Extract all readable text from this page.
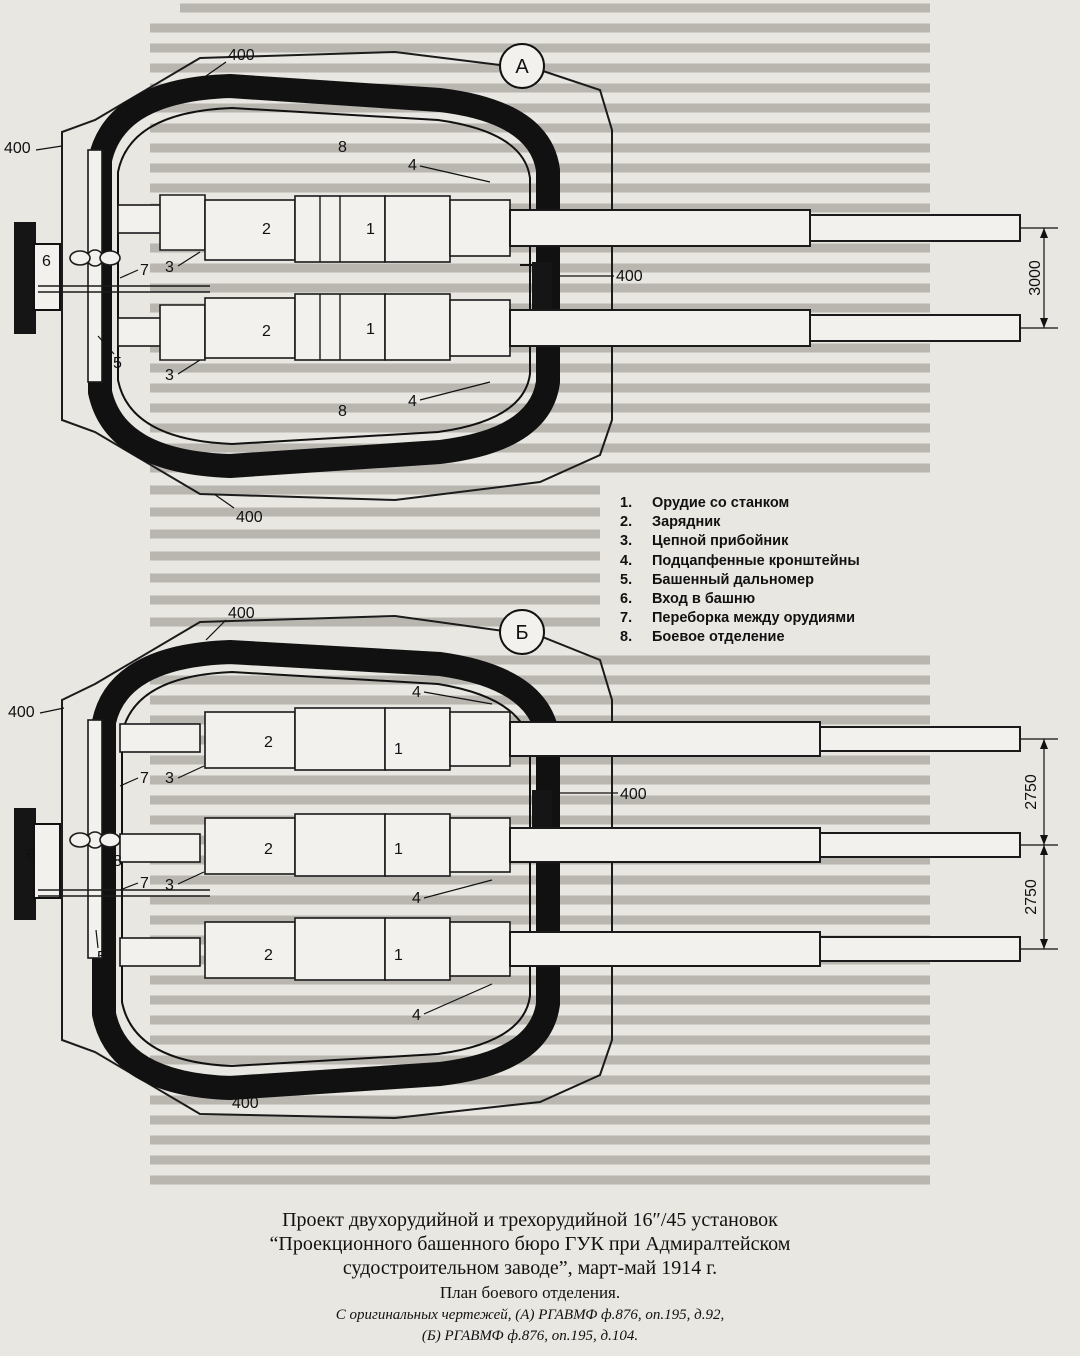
3000
А
400
400
400
400
1
1
2
2
3
3
4
4
5
6
7
8
8
2750
2750
Б
400
400
400
400
1
1
1
2
2
2
3
3
4
4
4
5
6
7
7
8
1.	Орудие со станком
2.	Зарядник
3.	Цепной прибойник
4.	Подцапфенные кронштейны
5.	Башенный дальномер
6.	Вход в башню
7.	Переборка между орудиями
8.	Боевое отделение
Проект двухорудийной и трехорудийной 16″/45 установок
“Проекционного башенного бюро ГУК при Адмиралтейском
судостроительном заводе”, март-май 1914 г.
План боевого отделения.
С оригинальных чертежей, (А) РГАВМФ ф.876, оп.195, д.92,
(Б) РГАВМФ ф.876, оп.195, д.104.
